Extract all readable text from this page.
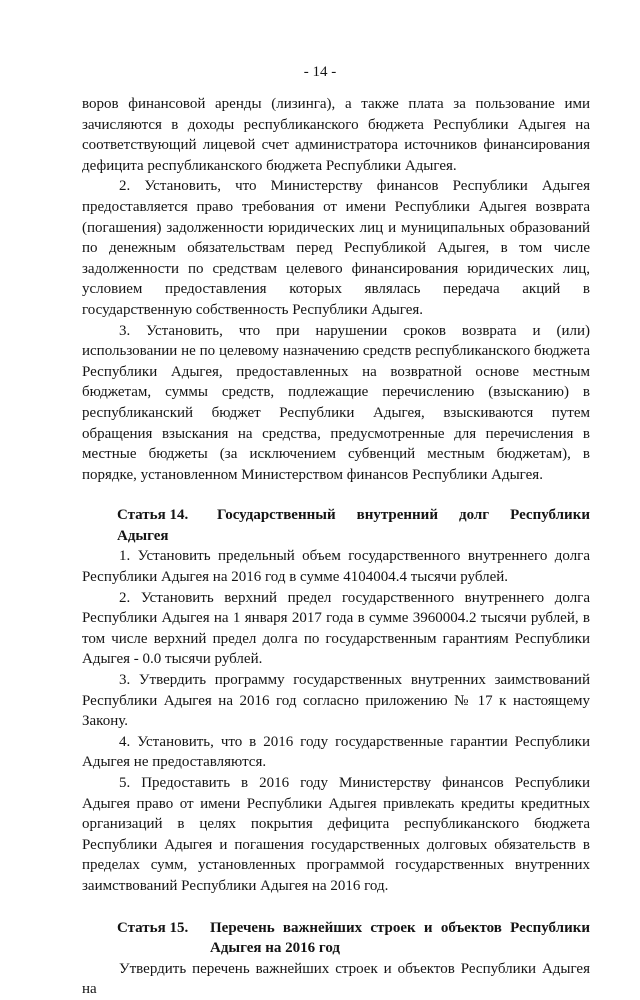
- 14 -

воров финансовой аренды (лизинга), а также плата за пользование ими зачисляются в доходы республиканского бюджета Республики Адыгея на соответствующий лицевой счет администратора источников финансирования дефицита республиканского бюджета Республики Адыгея.

2. Установить, что Министерству финансов Республики Адыгея предоставляется право требования от имени Республики Адыгея возврата (погашения) задолженности юридических лиц и муниципальных образований по денежным обязательствам перед Республикой Адыгея, в том числе задолженности по средствам целевого финансирования юридических лиц, условием предоставления которых являлась передача акций в государственную собственность Республики Адыгея.

3. Установить, что при нарушении сроков возврата и (или) использовании не по целевому назначению средств республиканского бюджета Республики Адыгея, предоставленных на возвратной основе местным бюджетам, суммы средств, подлежащие перечислению (взысканию) в республиканский бюджет Республики Адыгея, взыскиваются путем обращения взыскания на средства, предусмотренные для перечисления в местные бюджеты (за исключением субвенций местным бюджетам), в порядке, установленном Министерством финансов Республики Адыгея.

Статья 14. Государственный внутренний долг Республики Адыгея

1. Установить предельный объем государственного внутреннего долга Республики Адыгея на 2016 год в сумме 4104004.4 тысячи рублей.

2. Установить верхний предел государственного внутреннего долга Республики Адыгея на 1 января 2017 года в сумме 3960004.2 тысячи рублей, в том числе верхний предел долга по государственным гарантиям Республики Адыгея - 0.0 тысячи рублей.

3. Утвердить программу государственных внутренних заимствований Республики Адыгея на 2016 год согласно приложению № 17 к настоящему Закону.

4. Установить, что в 2016 году государственные гарантии Республики Адыгея не предоставляются.

5. Предоставить в 2016 году Министерству финансов Республики Адыгея право от имени Республики Адыгея привлекать кредиты кредитных организаций в целях покрытия дефицита республиканского бюджета Республики Адыгея и погашения государственных долговых обязательств в пределах сумм, установленных программой государственных внутренних заимствований Республики Адыгея на 2016 год.

Статья 15.	Перечень важнейших строек и объектов Республики Адыгея на 2016 год

Утвердить перечень важнейших строек и объектов Республики Адыгея на
